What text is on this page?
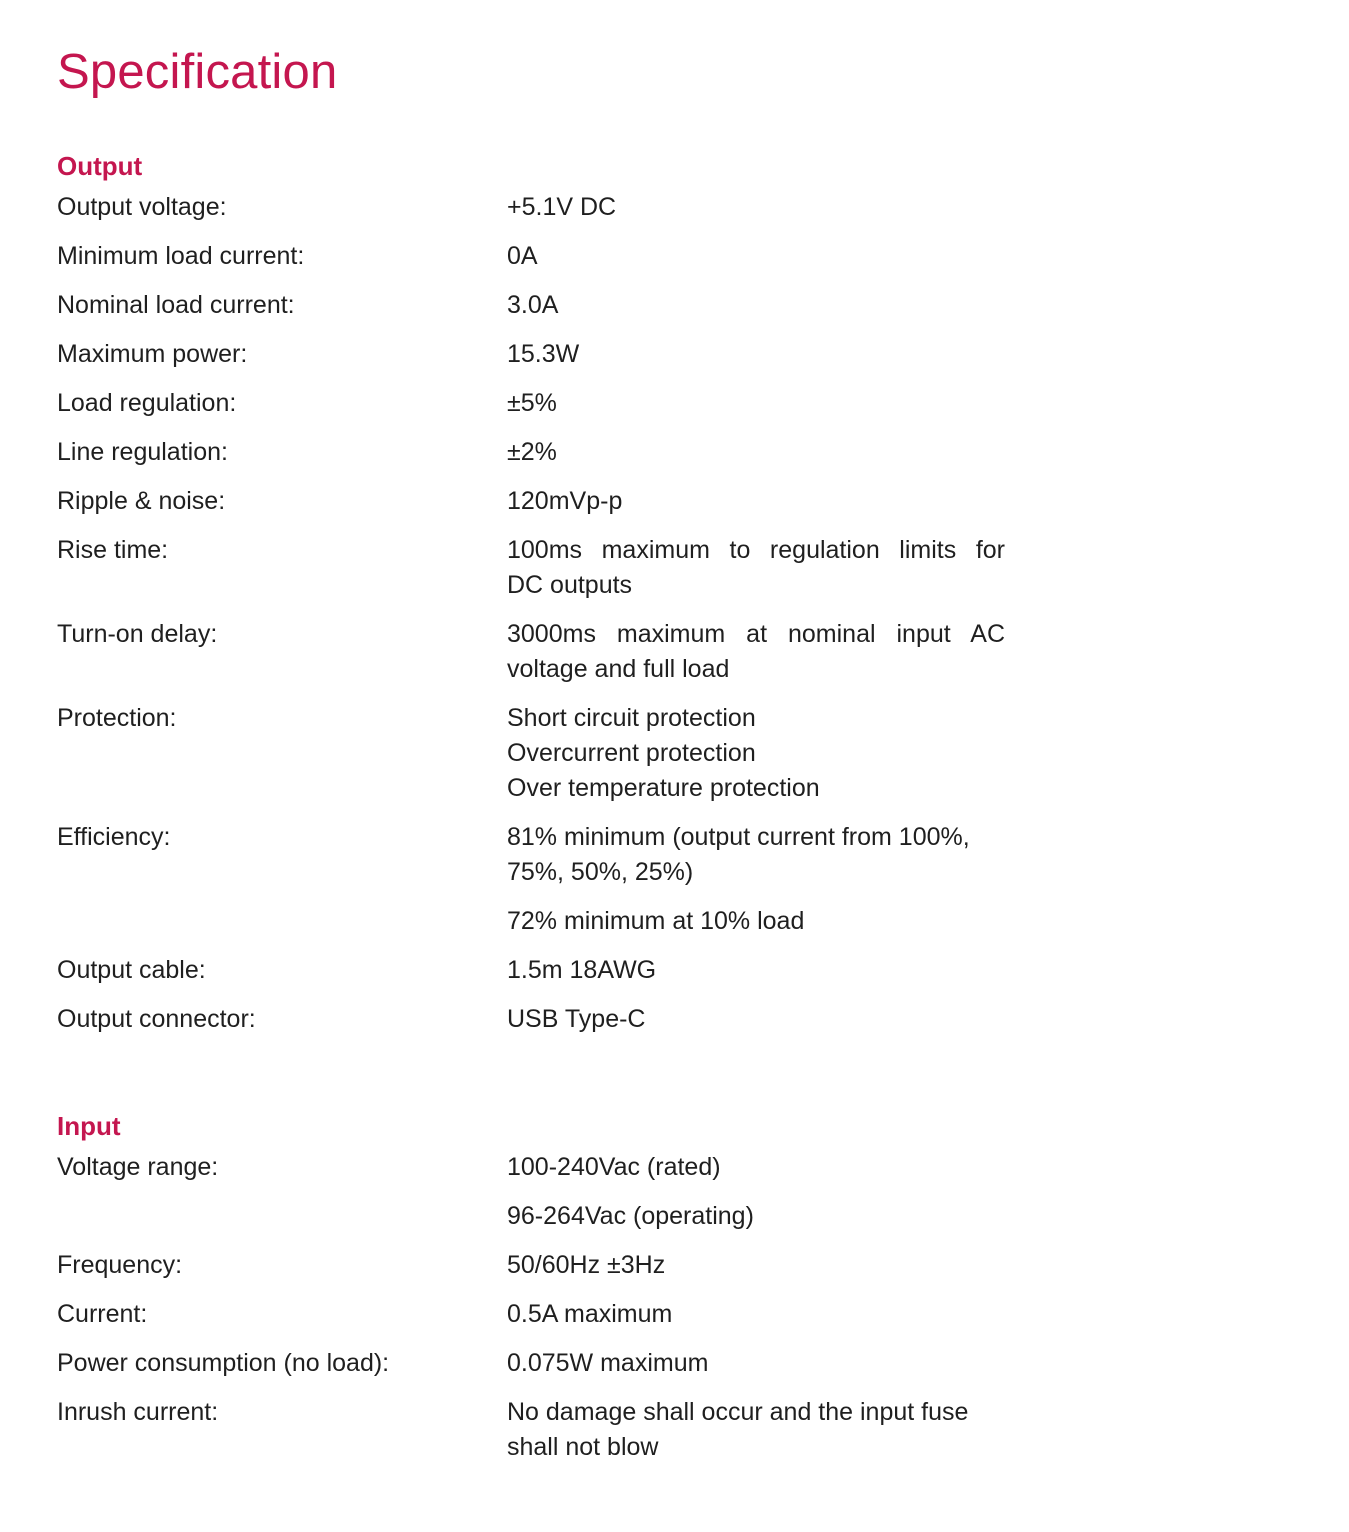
Specification
Output
Output voltage:	+5.1V DC
Minimum load current:	0A
Nominal load current:	3.0A
Maximum power:	15.3W
Load regulation:	±5%
Line regulation:	±2%
Ripple & noise:	120mVp-p
Rise time:	100ms maximum to regulation limits for
DC outputs
Turn-on delay:	3000ms maximum at nominal input AC
voltage and full load
Protection:	Short circuit protection
Overcurrent protection
Over temperature protection
Efficiency:	81% minimum (output current from 100%,
75%, 50%, 25%)
72% minimum at 10% load
Output cable:	1.5m 18AWG
Output connector:	USB Type-C
Input
Voltage range:	100-240Vac (rated)
96-264Vac (operating)
Frequency:	50/60Hz ±3Hz
Current:	0.5A maximum
Power consumption (no load):	0.075W maximum
Inrush current:	No damage shall occur and the input fuse
shall not blow
